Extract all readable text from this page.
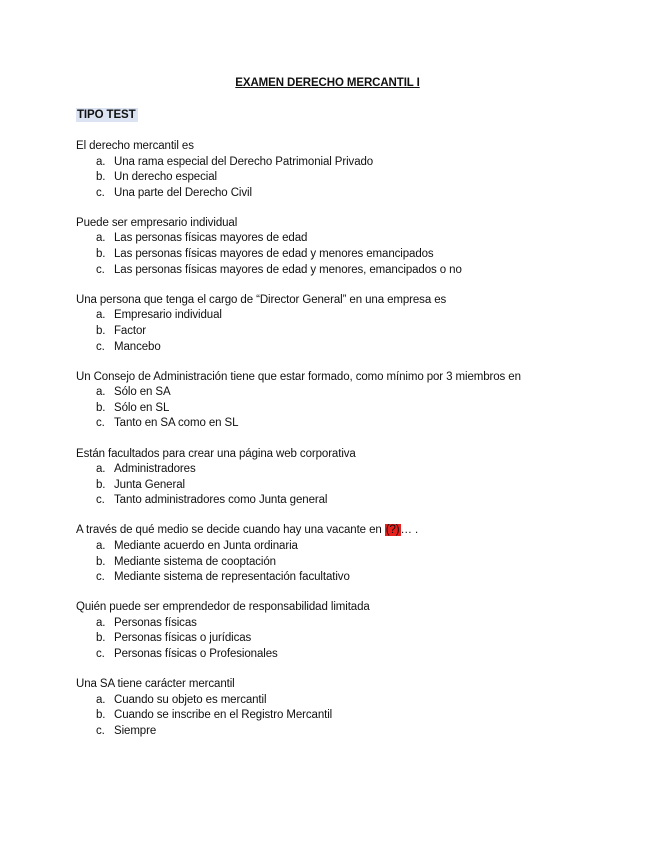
EXAMEN DERECHO MERCANTIL I
TIPO TEST
El derecho mercantil es
a. Una rama especial del Derecho Patrimonial Privado
b. Un derecho especial
c. Una parte del Derecho Civil
Puede ser empresario individual
a. Las personas físicas mayores de edad
b. Las personas físicas mayores de edad y menores emancipados
c. Las personas físicas mayores de edad y menores, emancipados o no
Una persona que tenga el cargo de “Director General” en una empresa es
a. Empresario individual
b. Factor
c. Mancebo
Un Consejo de Administración tiene que estar formado, como mínimo por 3 miembros en
a. Sólo en SA
b. Sólo en SL
c. Tanto en SA como en SL
Están facultados para crear una página web corporativa
a. Administradores
b. Junta General
c. Tanto administradores como Junta general
A través de qué medio se decide cuando hay una vacante en (?)… .
a. Mediante acuerdo en Junta ordinaria
b. Mediante sistema de cooptación
c. Mediante sistema de representación facultativo
Quién puede ser emprendedor de responsabilidad limitada
a. Personas físicas
b. Personas físicas o jurídicas
c. Personas físicas o Profesionales
Una SA tiene carácter mercantil
a. Cuando su objeto es mercantil
b. Cuando se inscribe en el Registro Mercantil
c. Siempre
